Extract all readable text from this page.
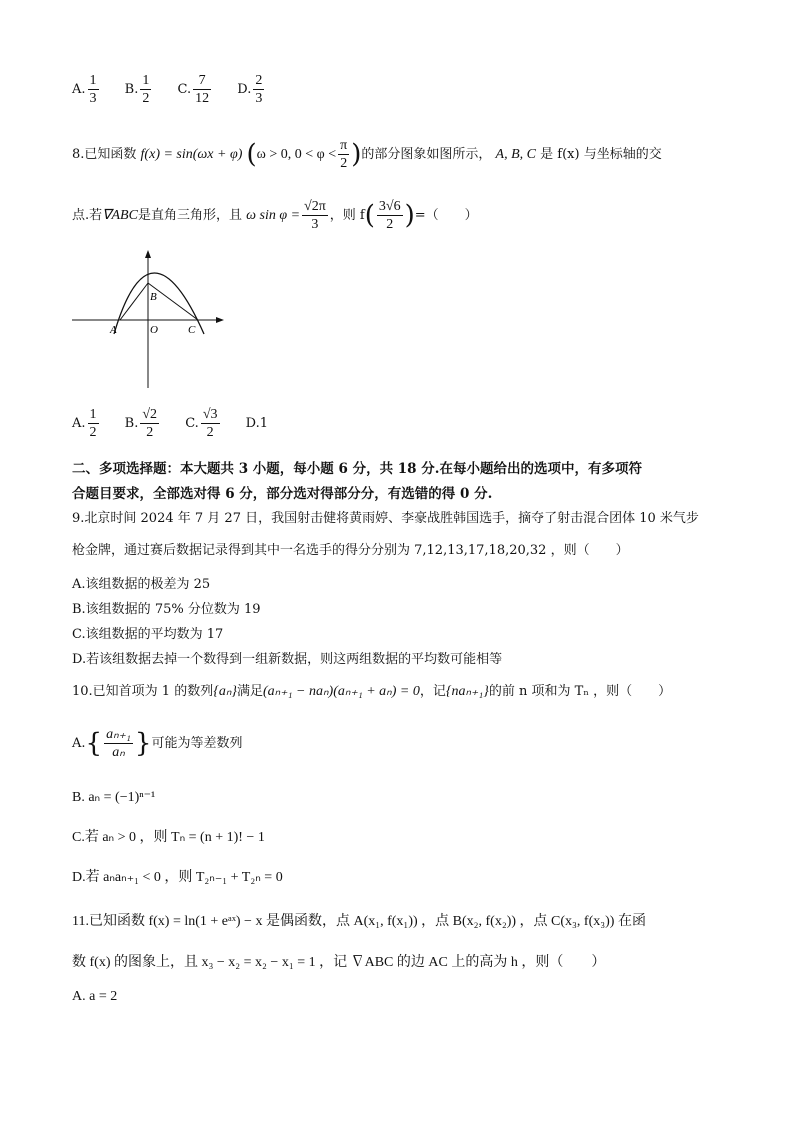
A. $\frac{1}{3} B$. $\frac{1}{2} C$. $\frac{7}{12} D$. $\frac{2}{3}$
8.已知函数 f(x) = sin(ωx + φ) (ω > 0, $0 < \varphi < \frac{\pi}{2}$ )的部分图象如图所示， A, B, C 是 f(x) 与坐标轴的交
点.若∇ABC是直角三角形，且 ω $\sin \varphi = \frac{√2\pi}{3}$ ，则 $f( \frac{3√6}{2}$ )=（　　）
A
B
O	C
A. $\frac{1}{2} B$. $\frac{√2}{2} C$. $\frac{√3}{2} D.1$
二、多项选择题：本大题共 3 小题，每小题 6 分，共 18 分.在每小题给出的选项中，有多项符
合题目要求，全部选对得 6 分，部分选对得部分分，有选错的得 0 分.
9.北京时间 2024 年 7 月 27 日，我国射击健将黄雨婷、李豪战胜韩国选手，摘夺了射击混合团体 10 米气步
枪金牌，通过赛后数据记录得到其中一名选手的得分分别为 7,12,13,17,18,20,32 ，则（　　）
A.该组数据的极差为 25
B.该组数据的 75% 分位数为 19
C.该组数据的平均数为 17
D.若该组数据去掉一个数得到一组新数据，则这两组数据的平均数可能相等
10.已知首项为 1 的数列{aₙ}满足(aₙ₊₁ − naₙ)(aₙ₊₁ + aₙ) = 0，记{naₙ₊₁}的前 n 项和为 Tₙ ，则（　　）
$A.\{ \frac{\text{aₙ₊₁}}{\text{aₙ}}$ }可能为等差数列
B. aₙ = (−1)ⁿ⁻¹
C.若 aₙ > 0 ，则 Tₙ = (n + 1)! − 1
D.若 aₙaₙ₊₁ < 0 ，则 T₂ₙ₋₁ + T₂ₙ = 0
11.已知函数 f(x) = ln(1 + eᵃˣ) − x 是偶函数，点 A(x₁, f(x₁)) ，点 B(x₂, f(x₂)) ，点 C(x₃, f(x₃)) 在函
数 f(x) 的图象上，且 x₃ − x₂ = x₂ − x₁ = 1 ，记 ∇ABC 的边 AC 上的高为 h ，则（　　）
A. a = 2
